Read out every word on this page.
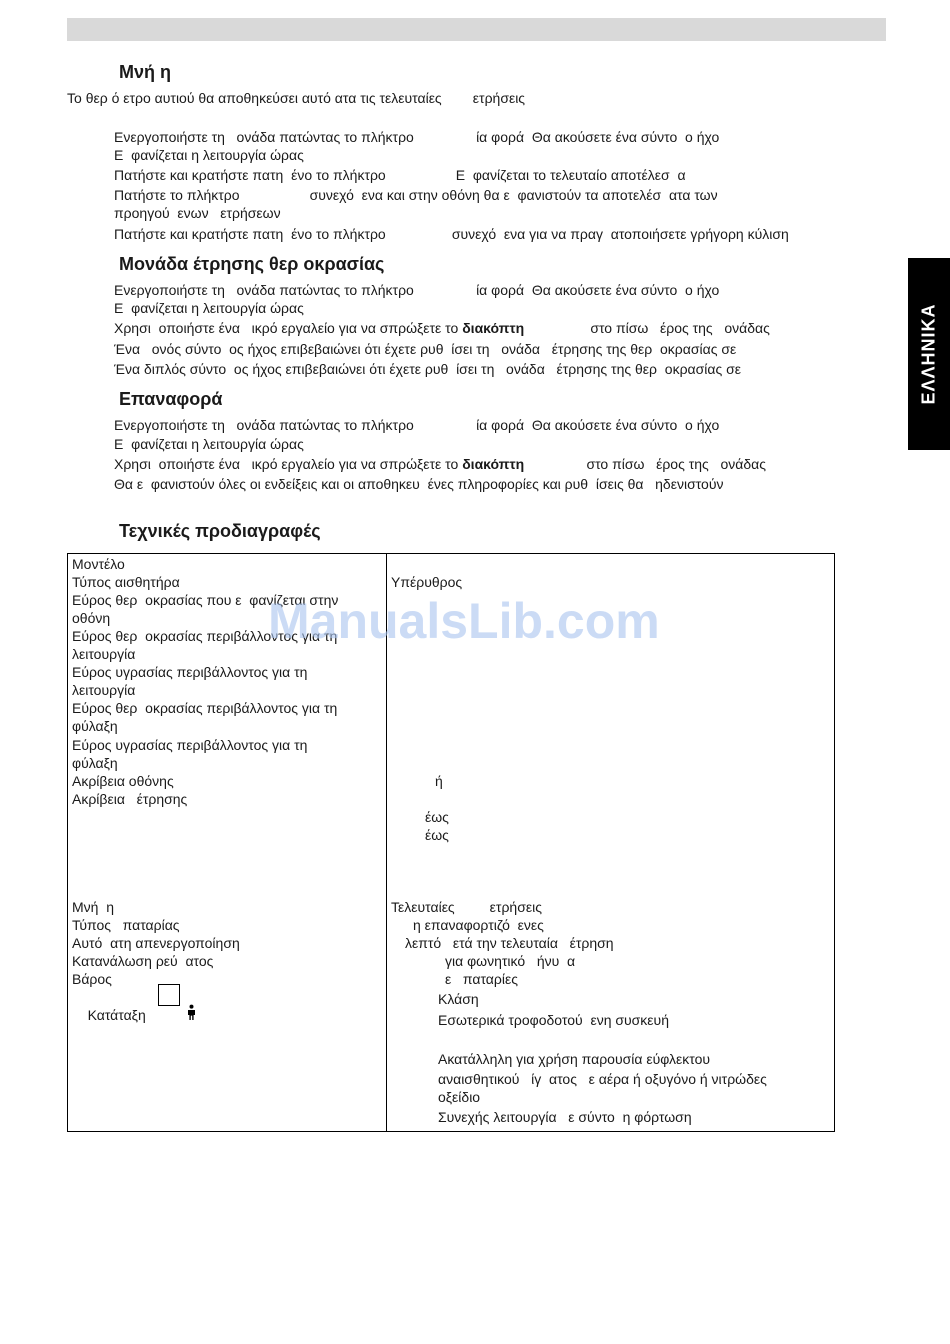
ΕΛΛΗΝΙΚΑ
Μνή η

Το θερ ό ετρο αυτιού θα αποθηκεύσει αυτό ατα τις τελευταίες        ετρήσεις

Ενεργοποιήστε τη   ονάδα πατώντας το πλήκτρο                ία φορά  Θα ακούσετε ένα σύντο  ο ήχο

Ε  φανίζεται η λειτουργία ώρας

Πατήστε και κρατήστε πατη  ένο το πλήκτρο                  Ε  φανίζεται το τελευταίο αποτέλεσ  α

Πατήστε το πλήκτρο                  συνεχό  ενα και στην οθόνη θα ε  φανιστούν τα αποτελέσ  ατα των

προηγού  ενων   ετρήσεων

Πατήστε και κρατήστε πατη  ένο το πλήκτρο                 συνεχό  ενα για να πραγ  ατοποιήσετε γρήγορη κύλιση

Μονάδα έτρησης θερ οκρασίας

Ενεργοποιήστε τη   ονάδα πατώντας το πλήκτρο                ία φορά  Θα ακούσετε ένα σύντο  ο ήχο

Ε  φανίζεται η λειτουργία ώρας

Χρησι  οποιήστε ένα   ικρό εργαλείο για να σπρώξετε το διακόπτη                 στο πίσω   έρος της   ονάδας

Ένα   ονός σύντο  ος ήχος επιβεβαιώνει ότι έχετε ρυθ  ίσει τη   ονάδα   έτρησης της θερ  οκρασίας σε

Ένα διπλός σύντο  ος ήχος επιβεβαιώνει ότι έχετε ρυθ  ίσει τη   ονάδα   έτρησης της θερ  οκρασίας σε

Επαναφορά

Ενεργοποιήστε τη   ονάδα πατώντας το πλήκτρο                ία φορά  Θα ακούσετε ένα σύντο  ο ήχο

Ε  φανίζεται η λειτουργία ώρας

Χρησι  οποιήστε ένα   ικρό εργαλείο για να σπρώξετε το διακόπτη                στο πίσω   έρος της   ονάδας

Θα ε  φανιστούν όλες οι ενδείξεις και οι αποθηκευ  ένες πληροφορίες και ρυθ  ίσεις θα   ηδενιστούν

Τεχνικές προδιαγραφές

Μοντέλο

Τύπος αισθητήρα

Εύρος θερ  οκρασίας που ε  φανίζεται στην

οθόνη

Εύρος θερ  οκρασίας περιβάλλοντος για τη

λειτουργία

Εύρος υγρασίας περιβάλλοντος για τη

λειτουργία

Εύρος θερ  οκρασίας περιβάλλοντος για τη

φύλαξη

Εύρος υγρασίας περιβάλλοντος για τη

φύλαξη

Ακρίβεια οθόνης

Ακρίβεια   έτρησης

Μνή  η

Τύπος   παταρίας

Αυτό  ατη απενεργοποίηση

Κατανάλωση ρεύ  ατος

Βάρος

Κατάταξη

Υπέρυθρος

ή

έως

έως

Τελευταίες         ετρήσεις

η επαναφορτιζό  ενες

λεπτό   ετά την τελευταία   έτρηση

για φωνητικό   ήνυ  α

ε   παταρίες

Κλάση

Εσωτερικά τροφοδοτού  ενη συσκευή

Ακατάλληλη για χρήση παρουσία εύφλεκτου

αναισθητικού   ίγ  ατος   ε αέρα ή οξυγόνο ή νιτρώδες

οξείδιο

Συνεχής λειτουργία   ε σύντο  η φόρτωση

ManualsLib.com
